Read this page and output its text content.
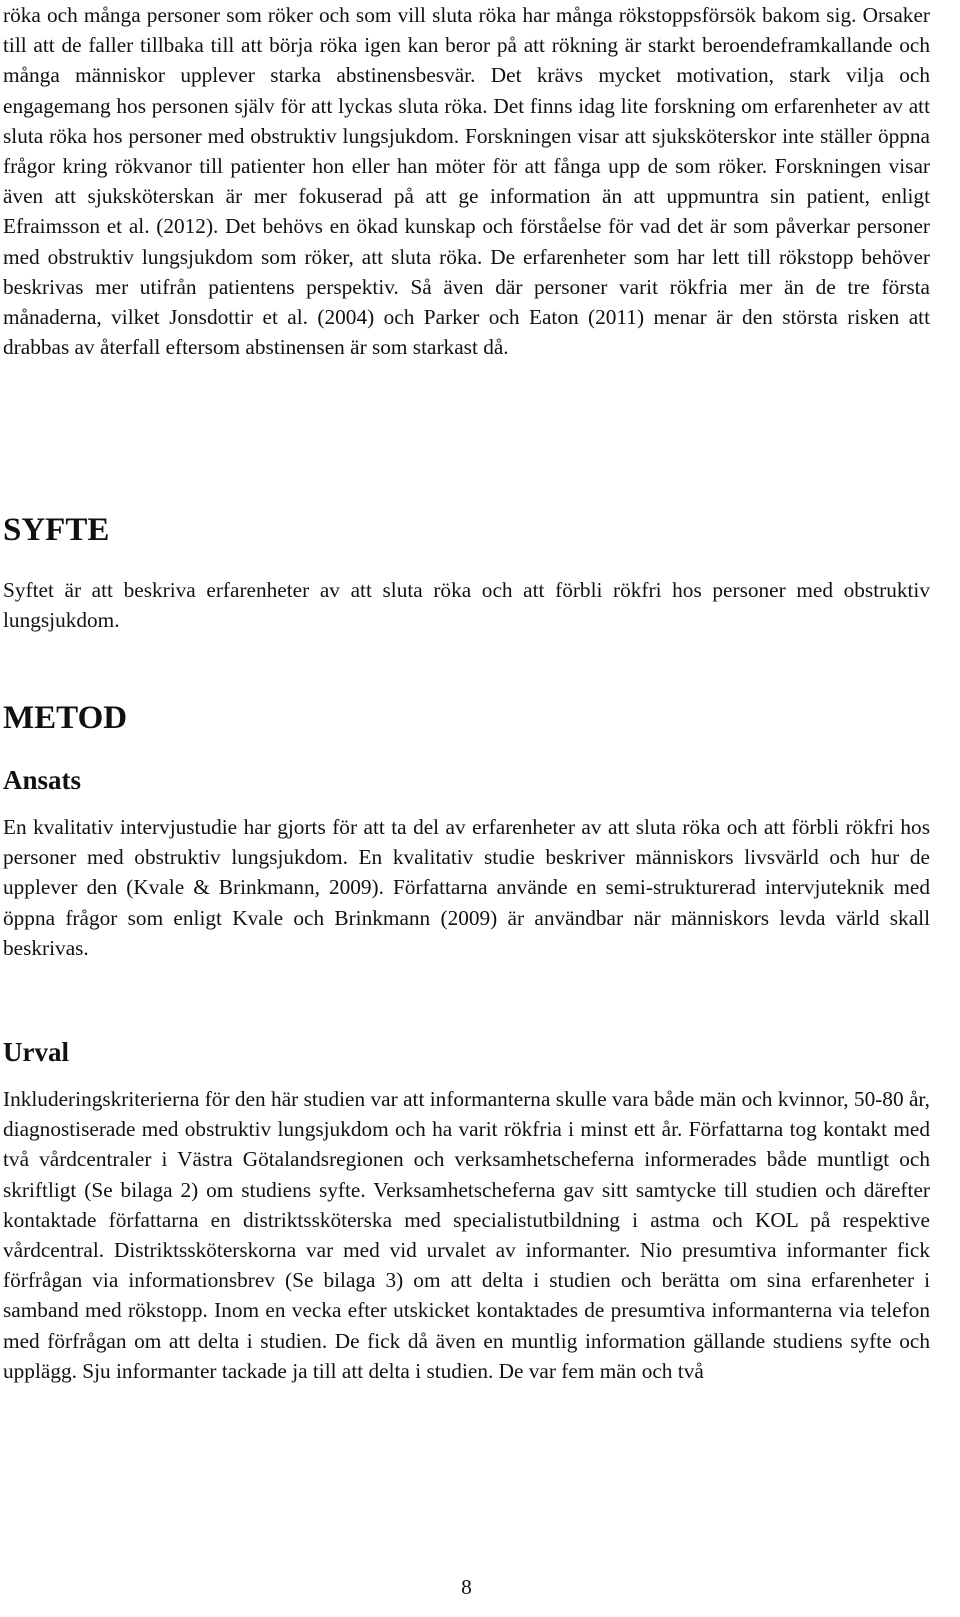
röka och många personer som röker och som vill sluta röka har många rökstoppsförsök bakom sig. Orsaker till att de faller tillbaka till att börja röka igen kan beror på att rökning är starkt beroendeframkallande och många människor upplever starka abstinensbesvär. Det krävs mycket motivation, stark vilja och engagemang hos personen själv för att lyckas sluta röka. Det finns idag lite forskning om erfarenheter av att sluta röka hos personer med obstruktiv lungsjukdom. Forskningen visar att sjuksköterskor inte ställer öppna frågor kring rökvanor till patienter hon eller han möter för att fånga upp de som röker. Forskningen visar även att sjuksköterskan är mer fokuserad på att ge information än att uppmuntra sin patient, enligt Efraimsson et al. (2012). Det behövs en ökad kunskap och förståelse för vad det är som påverkar personer med obstruktiv lungsjukdom som röker, att sluta röka. De erfarenheter som har lett till rökstopp behöver beskrivas mer utifrån patientens perspektiv. Så även där personer varit rökfria mer än de tre första månaderna, vilket Jonsdottir et al. (2004) och Parker och Eaton (2011) menar är den största risken att drabbas av återfall eftersom abstinensen är som starkast då.

SYFTE

Syftet är att beskriva erfarenheter av att sluta röka och att förbli rökfri hos personer med obstruktiv lungsjukdom.

METOD
Ansats

En kvalitativ intervjustudie har gjorts för att ta del av erfarenheter av att sluta röka och att förbli rökfri hos personer med obstruktiv lungsjukdom. En kvalitativ studie beskriver människors livsvärld och hur de upplever den (Kvale & Brinkmann, 2009). Författarna använde en semi-strukturerad intervjuteknik med öppna frågor som enligt Kvale och Brinkmann (2009) är användbar när människors levda värld skall beskrivas.

Urval

Inkluderingskriterierna för den här studien var att informanterna skulle vara både män och kvinnor, 50-80 år, diagnostiserade med obstruktiv lungsjukdom och ha varit rökfria i minst ett år. Författarna tog kontakt med två vårdcentraler i Västra Götalandsregionen och verksamhetscheferna informerades både muntligt och skriftligt (Se bilaga 2) om studiens syfte. Verksamhetscheferna gav sitt samtycke till studien och därefter kontaktade författarna en distriktssköterska med specialistutbildning i astma och KOL på respektive vårdcentral. Distriktssköterskorna var med vid urvalet av informanter. Nio presumtiva informanter fick förfrågan via informationsbrev (Se bilaga 3) om att delta i studien och berätta om sina erfarenheter i samband med rökstopp. Inom en vecka efter utskicket kontaktades de presumtiva informanterna via telefon med förfrågan om att delta i studien. De fick då även en muntlig information gällande studiens syfte och upplägg. Sju informanter tackade ja till att delta i studien. De var fem män och två

8
